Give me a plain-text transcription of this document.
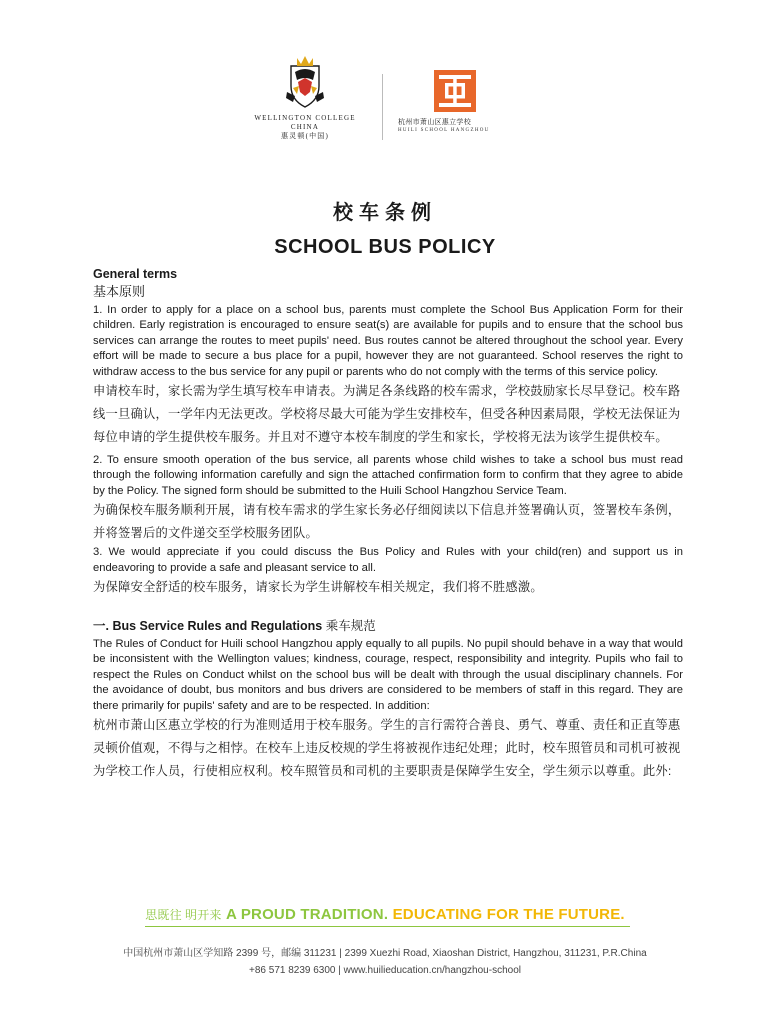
WELLINGTON COLLEGE
CHINA
惠灵顿(中国)
杭州市萧山区惠立学校
HUILI SCHOOL HANGZHOU
校车条例
SCHOOL BUS POLICY
General terms
基本原则
1. In order to apply for a place on a school bus, parents must complete the School Bus Application Form for their children. Early registration is encouraged to ensure seat(s) are available for pupils and to ensure that the school bus services can arrange the routes to meet pupils' need. Bus routes cannot be altered throughout the school year. Every effort will be made to secure a bus place for a pupil, however they are not guaranteed. School reserves the right to withdraw access to the bus service for any pupil or parents who do not comply with the terms of this service policy.
申请校车时，家长需为学生填写校车申请表。为满足各条线路的校车需求，学校鼓励家长尽早登记。校车路线一旦确认，一学年内无法更改。学校将尽最大可能为学生安排校车，但受各种因素局限，学校无法保证为每位申请的学生提供校车服务。并且对不遵守本校车制度的学生和家长，学校将无法为该学生提供校车。
2. To ensure smooth operation of the bus service, all parents whose child wishes to take a school bus must read through the following information carefully and sign the attached confirmation form to confirm that they agree to abide by the Policy. The signed form should be submitted to the Huili School Hangzhou Service Team.
为确保校车服务顺利开展，请有校车需求的学生家长务必仔细阅读以下信息并签署确认页，签署校车条例，并将签署后的文件递交至学校服务团队。
3. We would appreciate if you could discuss the Bus Policy and Rules with your child(ren) and support us in endeavoring to provide a safe and pleasant service to all.
为保障安全舒适的校车服务，请家长为学生讲解校车相关规定，我们将不胜感激。
一. Bus Service Rules and Regulations 乘车规范
The Rules of Conduct for Huili school Hangzhou apply equally to all pupils. No pupil should behave in a way that would be inconsistent with the Wellington values; kindness, courage, respect, responsibility and integrity. Pupils who fail to respect the Rules on Conduct whilst on the school bus will be dealt with through the usual disciplinary channels. For the avoidance of doubt, bus monitors and bus drivers are considered to be members of staff in this regard. They are there primarily for pupils' safety and are to be respected. In addition:
杭州市萧山区惠立学校的行为准则适用于校车服务。学生的言行需符合善良、勇气、尊重、责任和正直等惠灵顿价值观，不得与之相悖。在校车上违反校规的学生将被视作违纪处理；此时，校车照管员和司机可被视为学校工作人员，行使相应权利。校车照管员和司机的主要职责是保障学生安全，学生须示以尊重。此外:
思既往 明开来 A PROUD TRADITION. EDUCATING FOR THE FUTURE.
中国杭州市萧山区学知路 2399 号，邮编 311231 | 2399 Xuezhi Road, Xiaoshan District, Hangzhou, 311231, P.R.China
+86 571 8239 6300 | www.huilieducation.cn/hangzhou-school
